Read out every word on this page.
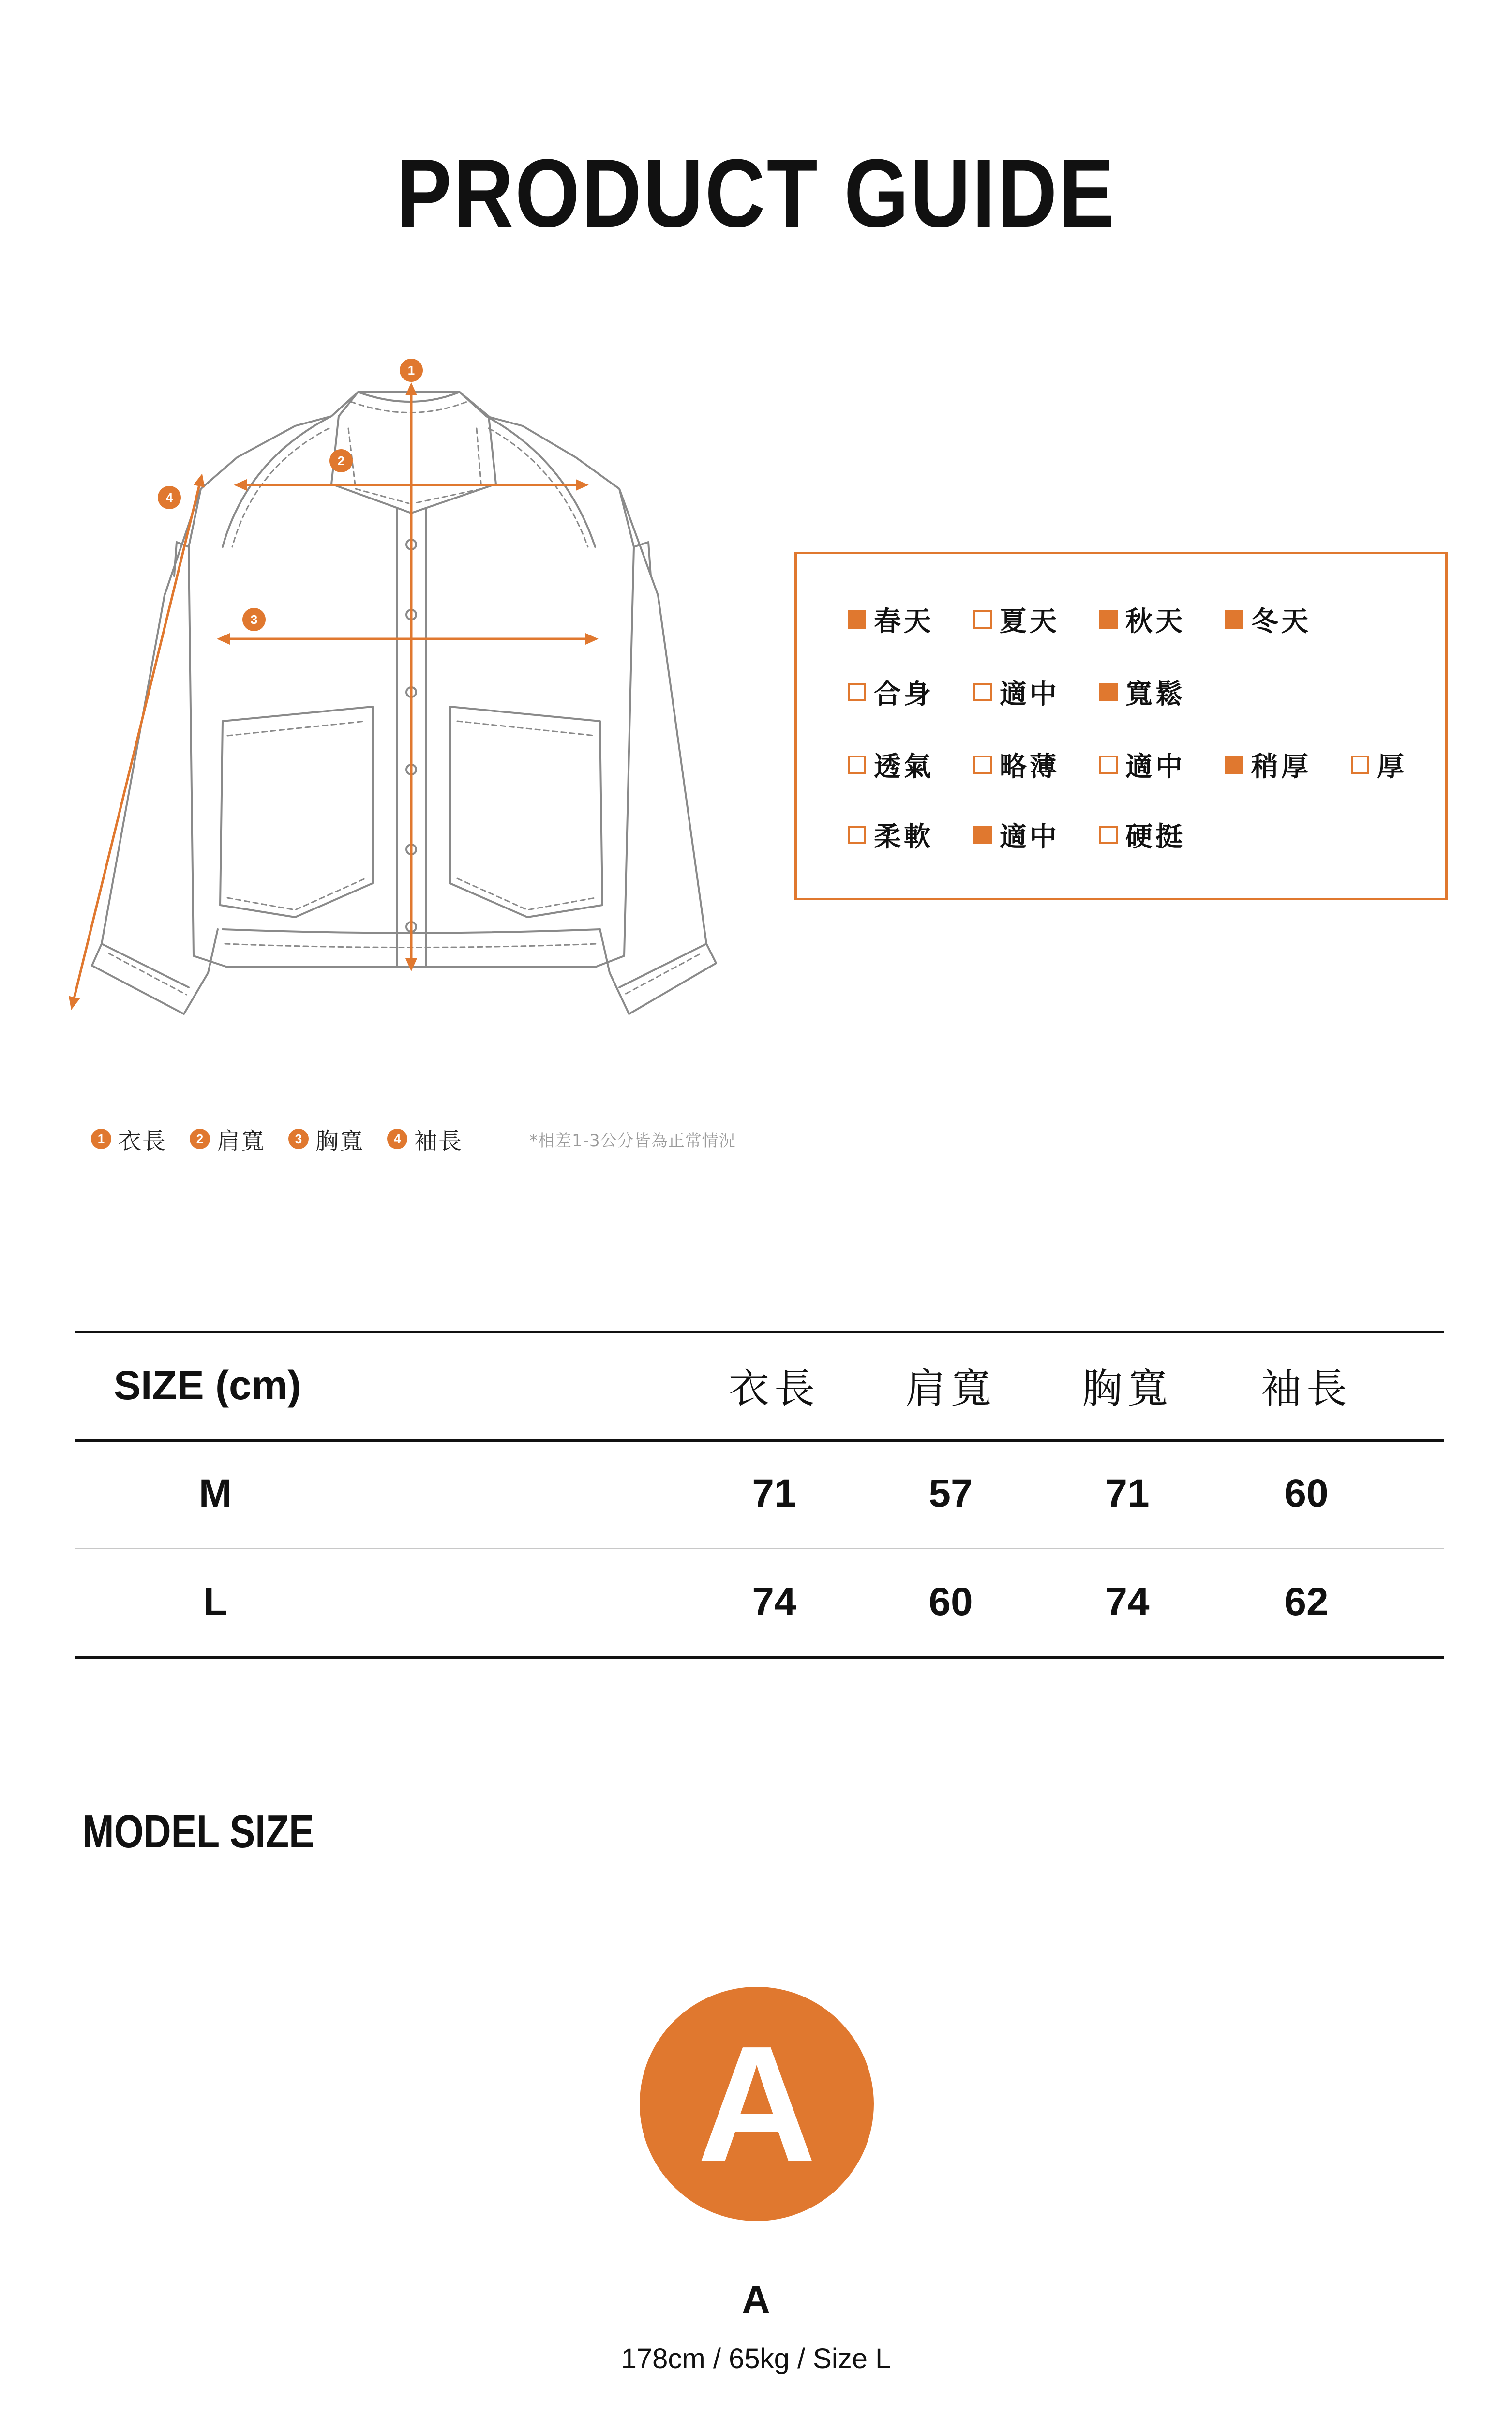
PRODUCT GUIDE
1
2
3
4
春天 夏天 秋天 冬天
合身 適中 寬鬆
透氣 略薄 適中 稍厚 厚
柔軟 適中 硬挺
1 衣長	2 肩寬	3 胸寬	4 袖長	*相差1-3公分皆為正常情況
SIZE (cm)	衣長	肩寬	胸寬	袖長
M	71	57	71	60
L	74	60	74	62
MODEL SIZE
A
A
178cm / 65kg / Size L
